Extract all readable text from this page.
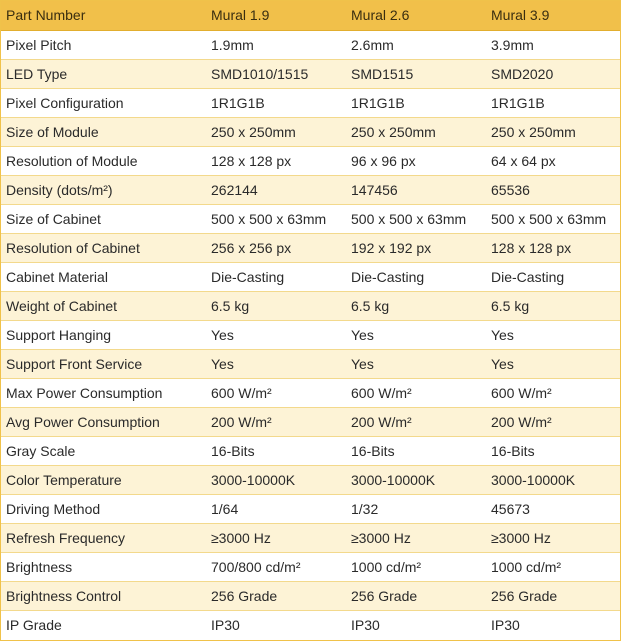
Part Number	Mural 1.9	Mural 2.6	Mural 3.9
Pixel Pitch	1.9mm	2.6mm	3.9mm
LED Type	SMD1010/1515	SMD1515	SMD2020
Pixel Configuration	1R1G1B	1R1G1B	1R1G1B
Size of Module	250 x 250mm	250 x 250mm	250 x 250mm
Resolution of Module	128 x 128 px	96 x 96 px	64 x 64 px
Density (dots/m²)	262144	147456	65536
Size of Cabinet	500 x 500 x 63mm	500 x 500 x 63mm	500 x 500 x 63mm
Resolution of Cabinet	256 x 256 px	192 x 192 px	128 x 128 px
Cabinet Material	Die-Casting	Die-Casting	Die-Casting
Weight of Cabinet	6.5 kg	6.5 kg	6.5 kg
Support Hanging	Yes	Yes	Yes
Support Front Service	Yes	Yes	Yes
Max Power Consumption	600 W/m²	600 W/m²	600 W/m²
Avg Power Consumption	200 W/m²	200 W/m²	200 W/m²
Gray Scale	16-Bits	16-Bits	16-Bits
Color Temperature	3000-10000K	3000-10000K	3000-10000K
Driving Method	1/64	1/32	45673
Refresh Frequency	≥3000 Hz	≥3000 Hz	≥3000 Hz
Brightness	700/800 cd/m²	1000 cd/m²	1000 cd/m²
Brightness Control	256 Grade	256 Grade	256 Grade
IP Grade	IP30	IP30	IP30
